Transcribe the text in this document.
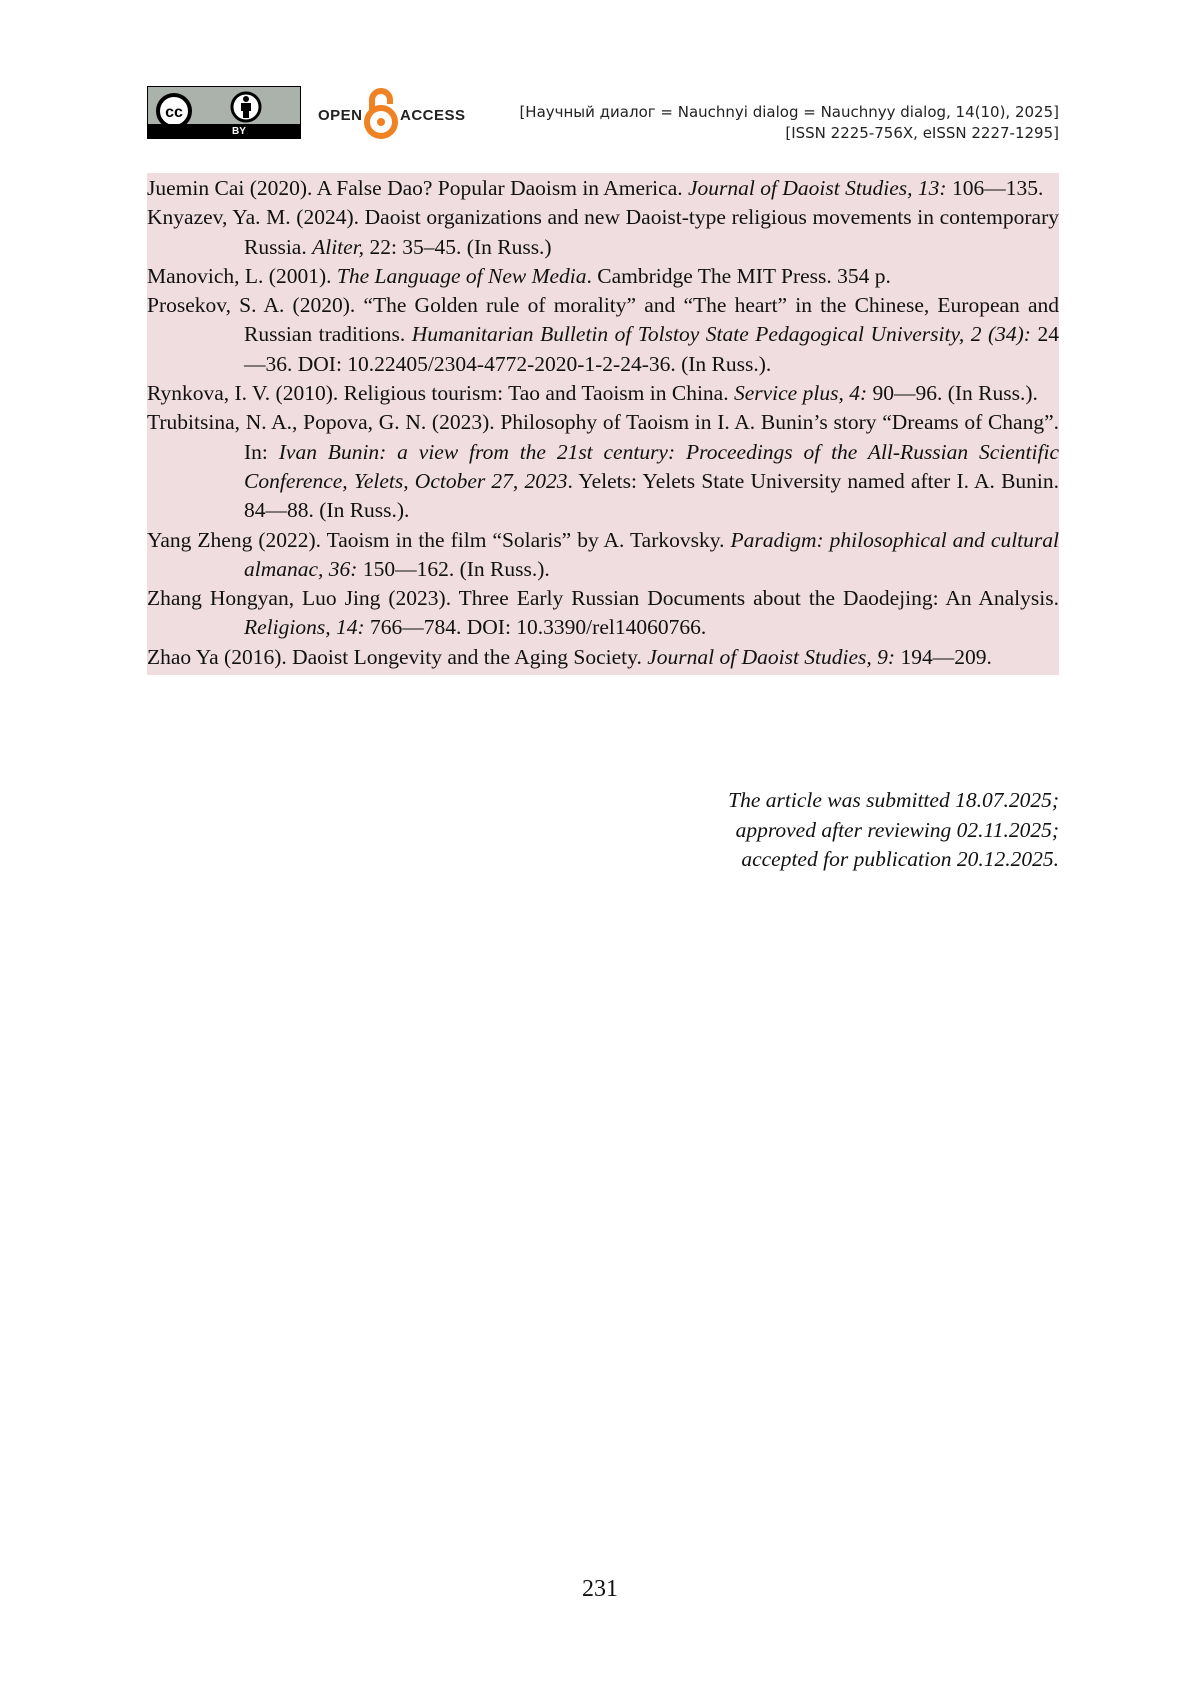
cc
BY
OPEN ACCESS	[Научный диалог = Nauchnyi dialog = Nauchnyy dialog, 14(10), 2025]
[ISSN 2225-756X, eISSN 2227-1295]

Juemin Cai (2020). A False Dao? Popular Daoism in America. Journal of Daoist Studies, 13: 106—135.

Knyazev, Ya. M. (2024). Daoist organizations and new Daoist-type religious movements in contemporary Russia. Aliter, 22: 35–45. (In Russ.)

Manovich, L. (2001). The Language of New Media. Cambridge The MIT Press. 354 p.

Prosekov, S. A. (2020). “The Golden rule of morality” and “The heart” in the Chinese, European and Russian traditions. Humanitarian Bulletin of Tolstoy State Pedagogical University, 2 (34): 24—36. DOI: 10.22405/2304-4772-2020-1-2-24-36. (In Russ.).

Rynkova, I. V. (2010). Religious tourism: Tao and Taoism in China. Service plus, 4: 90—96. (In Russ.).

Trubitsina, N. A., Popova, G. N. (2023). Philosophy of Taoism in I. A. Bunin’s story “Dreams of Chang”. In: Ivan Bunin: a view from the 21st century: Proceedings of the All-Russian Scientific Conference, Yelets, October 27, 2023. Yelets: Yelets State University named after I. A. Bunin. 84—88. (In Russ.).

Yang Zheng (2022). Taoism in the film “Solaris” by A. Tarkovsky. Paradigm: philosophical and cultural almanac, 36: 150—162. (In Russ.).

Zhang Hongyan, Luo Jing (2023). Three Early Russian Documents about the Daodejing: An Analysis. Religions, 14: 766—784. DOI: 10.3390/rel14060766.

Zhao Ya (2016). Daoist Longevity and the Aging Society. Journal of Daoist Studies, 9: 194—209.

The article was submitted 18.07.2025;
approved after reviewing 02.11.2025;
accepted for publication 20.12.2025.
231
